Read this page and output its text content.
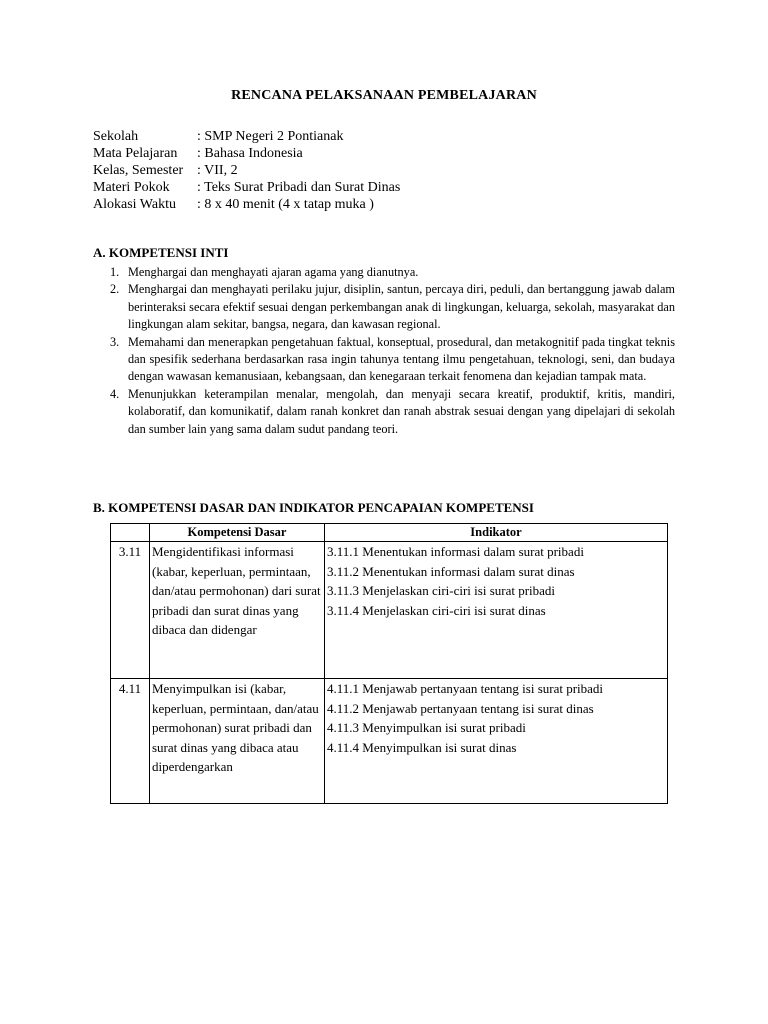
RENCANA PELAKSANAAN PEMBELAJARAN
Sekolah	: SMP Negeri 2 Pontianak
Mata Pelajaran	: Bahasa Indonesia
Kelas, Semester : VII, 2
Materi Pokok	: Teks Surat Pribadi dan Surat Dinas
Alokasi Waktu	: 8 x 40 menit (4 x tatap muka )
A. KOMPETENSI INTI
1. Menghargai dan menghayati ajaran agama yang dianutnya.
2. Menghargai dan menghayati perilaku jujur, disiplin, santun, percaya diri, peduli, dan bertanggung jawab dalam berinteraksi secara efektif sesuai dengan perkembangan anak di lingkungan, keluarga, sekolah, masyarakat dan lingkungan alam sekitar, bangsa, negara, dan kawasan regional.
3. Memahami dan menerapkan pengetahuan faktual, konseptual, prosedural, dan metakognitif pada tingkat teknis dan spesifik sederhana berdasarkan rasa ingin tahunya tentang ilmu pengetahuan, teknologi, seni, dan budaya dengan wawasan kemanusiaan, kebangsaan, dan kenegaraan terkait fenomena dan kejadian tampak mata.
4. Menunjukkan keterampilan menalar, mengolah, dan menyaji secara kreatif, produktif, kritis, mandiri, kolaboratif, dan komunikatif, dalam ranah konkret dan ranah abstrak sesuai dengan yang dipelajari di sekolah dan sumber lain yang sama dalam sudut pandang teori.
B. KOMPETENSI DASAR DAN INDIKATOR PENCAPAIAN KOMPETENSI
	Kompetensi Dasar	Indikator

3.11	Mengidentifikasi informasi (kabar, keperluan, permintaan, dan/atau permohonan) dari surat pribadi dan surat dinas yang dibaca dan didengar	3.11.1 Menentukan informasi dalam surat pribadi
3.11.2 Menentukan informasi dalam surat dinas
3.11.3 Menjelaskan ciri-ciri isi surat pribadi
3.11.4 Menjelaskan ciri-ciri isi surat dinas

4.11	Menyimpulkan isi (kabar, keperluan, permintaan, dan/atau permohonan) surat pribadi dan surat dinas yang dibaca atau diperdengarkan	4.11.1 Menjawab pertanyaan tentang isi surat pribadi
4.11.2 Menjawab pertanyaan tentang isi surat dinas
4.11.3 Menyimpulkan isi surat pribadi
4.11.4 Menyimpulkan isi surat dinas
